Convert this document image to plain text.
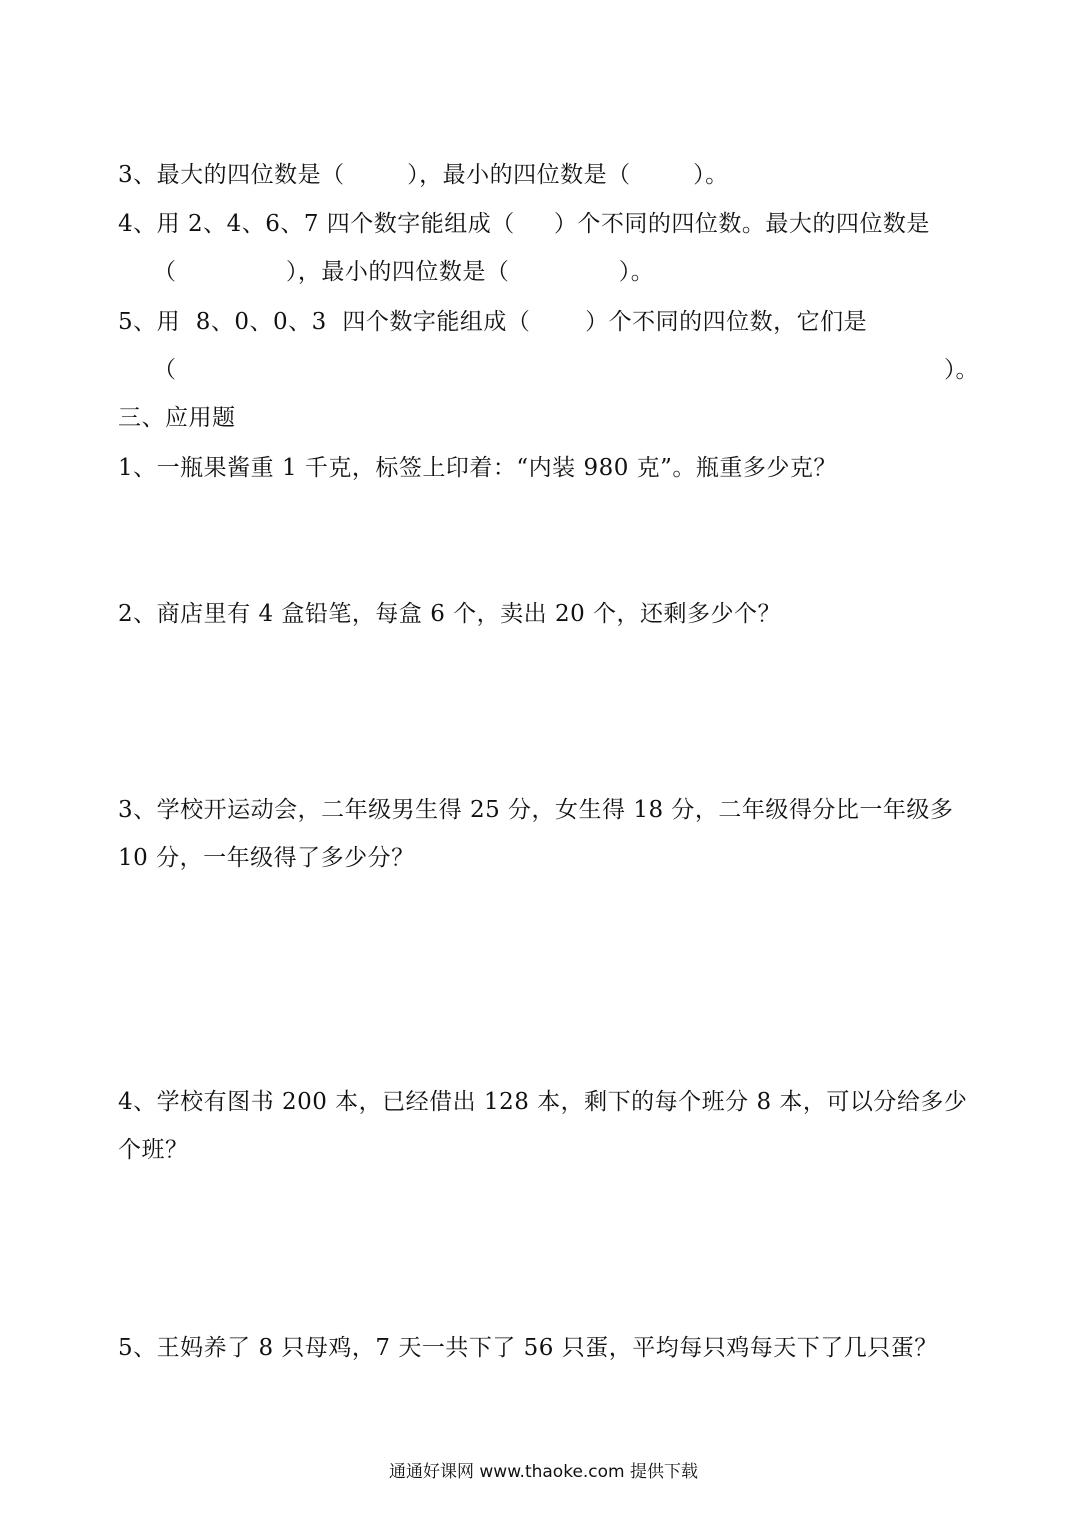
3、最大的四位数是（        ），最小的四位数是（        ）。
4、用 2、4、6、7 四个数字能组成（     ）个不同的四位数。最大的四位数是
（              ），最小的四位数是（              ）。
5、用  8、0、0、3  四个数字能组成（       ）个不同的四位数，它们是
（	）。
三、应用题
1、一瓶果酱重 1 千克，标签上印着：“内装 980 克”。瓶重多少克？
2、商店里有 4 盒铅笔，每盒 6 个，卖出 20 个，还剩多少个？
3、学校开运动会，二年级男生得 25 分，女生得 18 分，二年级得分比一年级多
10 分，一年级得了多少分？
4、学校有图书 200 本，已经借出 128 本，剩下的每个班分 8 本，可以分给多少
个班？
5、王妈养了 8 只母鸡，7 天一共下了 56 只蛋，平均每只鸡每天下了几只蛋？
通通好课网 www.thaoke.com 提供下载
